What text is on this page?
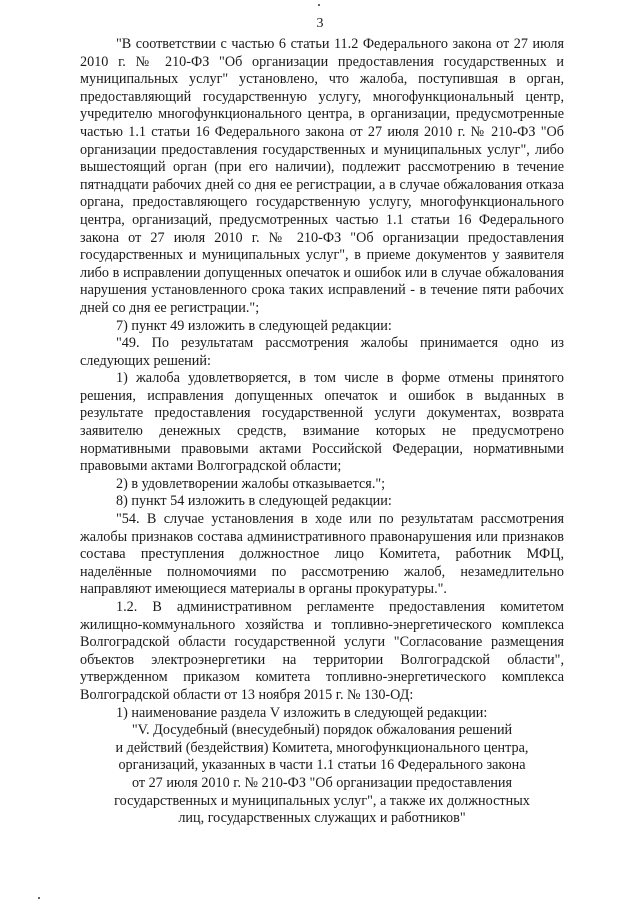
3

"В соответствии с частью 6 статьи 11.2 Федерального закона от 27 июля 2010 г. № 210-ФЗ "Об организации предоставления государственных и муниципальных услуг" установлено, что жалоба, поступившая в орган, предоставляющий государственную услугу, многофункциональный центр, учредителю многофункционального центра, в организации, предусмотренные частью 1.1 статьи 16 Федерального закона от 27 июля 2010 г. № 210-ФЗ "Об организации предоставления государственных и муниципальных услуг", либо вышестоящий орган (при его наличии), подлежит рассмотрению в течение пятнадцати рабочих дней со дня ее регистрации, а в случае обжалования отказа органа, предоставляющего государственную услугу, многофункционального центра, организаций, предусмотренных частью 1.1 статьи 16 Федерального закона от 27 июля 2010 г. № 210-ФЗ "Об организации предоставления государственных и муниципальных услуг", в приеме документов у заявителя либо в исправлении допущенных опечаток и ошибок или в случае обжалования нарушения установленного срока таких исправлений - в течение пяти рабочих дней со дня ее регистрации.";

7) пункт 49 изложить в следующей редакции:

"49. По результатам рассмотрения жалобы принимается одно из следующих решений:

1) жалоба удовлетворяется, в том числе в форме отмены принятого решения, исправления допущенных опечаток и ошибок в выданных в результате предоставления государственной услуги документах, возврата заявителю денежных средств, взимание которых не предусмотрено нормативными правовыми актами Российской Федерации, нормативными правовыми актами Волгоградской области;

2) в удовлетворении жалобы отказывается.";

8) пункт 54 изложить в следующей редакции:

"54. В случае установления в ходе или по результатам рассмотрения жалобы признаков состава административного правонарушения или признаков состава преступления должностное лицо Комитета, работник МФЦ, наделённые полномочиями по рассмотрению жалоб, незамедлительно направляют имеющиеся материалы в органы прокуратуры.".

1.2. В административном регламенте предоставления комитетом жилищно-коммунального хозяйства и топливно-энергетического комплекса Волгоградской области государственной услуги "Согласование размещения объектов электроэнергетики на территории Волгоградской области", утвержденном приказом комитета топливно-энергетического комплекса Волгоградской области от 13 ноября 2015 г. № 130-ОД:

1) наименование раздела V изложить в следующей редакции:

"V. Досудебный (внесудебный) порядок обжалования решений
и действий (бездействия) Комитета, многофункционального центра,
организаций, указанных в части 1.1 статьи 16 Федерального закона
от 27 июля 2010 г. № 210-ФЗ "Об организации предоставления
государственных и муниципальных услуг", а также их должностных
лиц, государственных служащих и работников"
